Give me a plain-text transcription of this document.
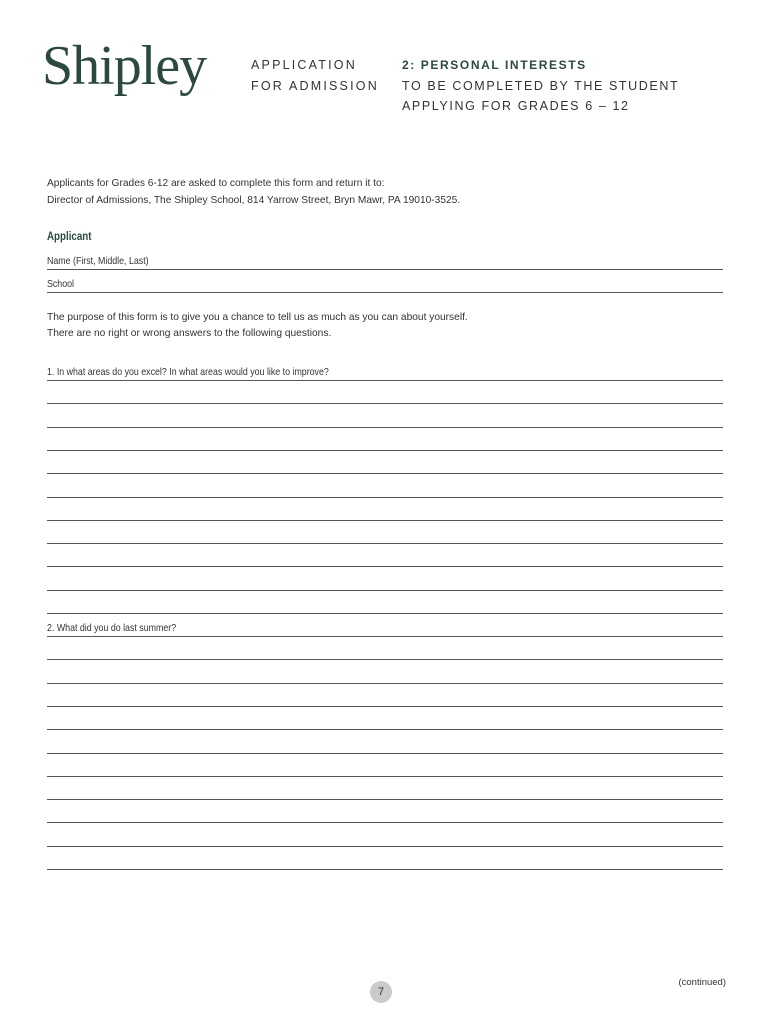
Shipley	APPLICATION
FOR ADMISSION
2: PERSONAL INTERESTS
TO BE COMPLETED BY THE STUDENT
APPLYING FOR GRADES 6 – 12
Applicants for Grades 6-12 are asked to complete this form and return it to:
Director of Admissions, The Shipley School, 814 Yarrow Street, Bryn Mawr, PA 19010-3525.
Applicant
Name (First, Middle, Last)
School
The purpose of this form is to give you a chance to tell us as much as you can about yourself.
There are no right or wrong answers to the following questions.
1. In what areas do you excel? In what areas would you like to improve?
2. What did you do last summer?
7
(continued)
